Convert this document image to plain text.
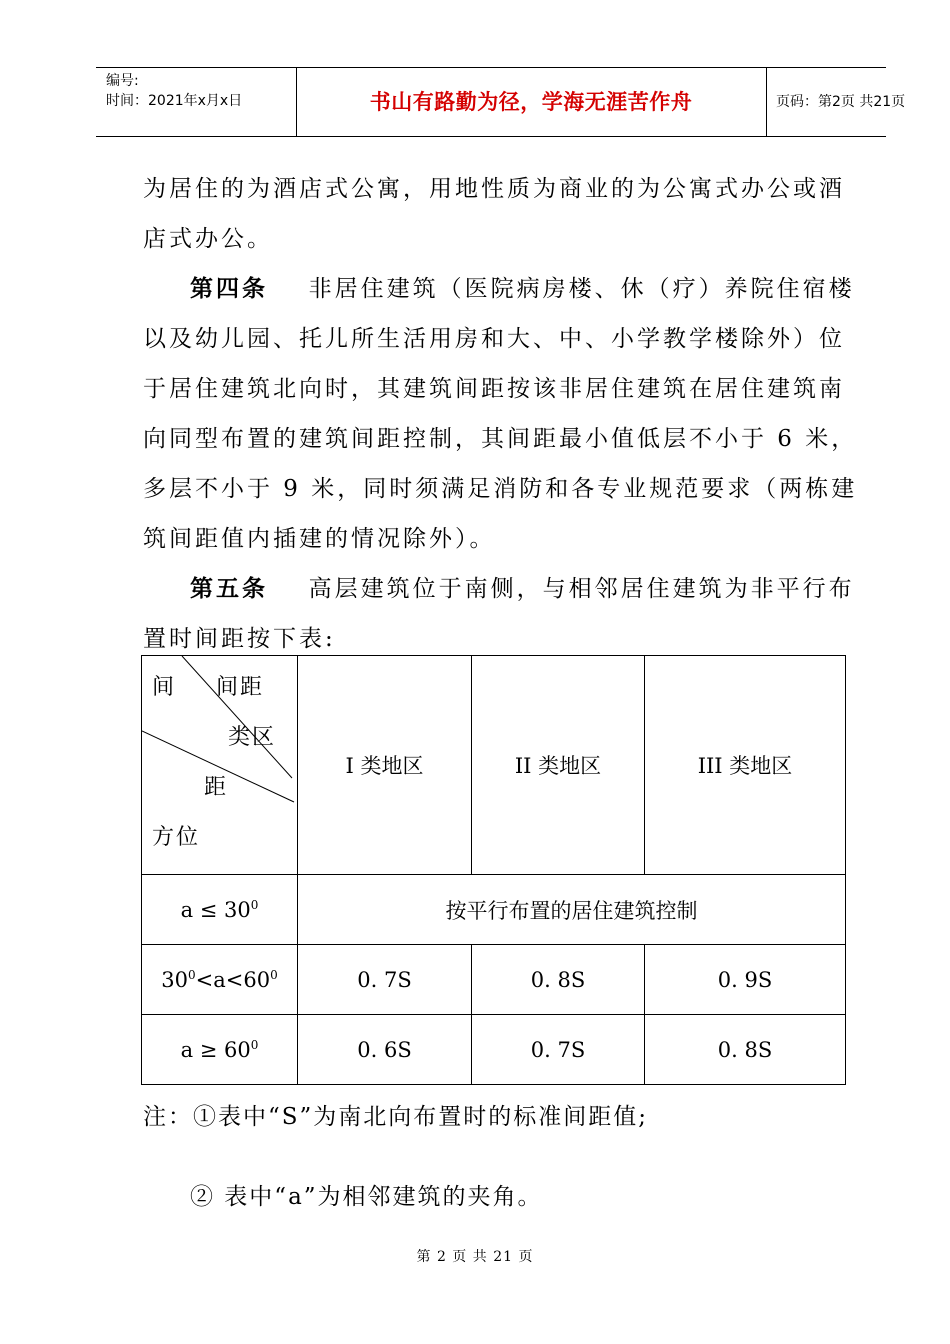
编号:
时间：2021年x月x日	书山有路勤为径，学海无涯苦作舟	页码：第2页 共21页
为居住的为酒店式公寓，用地性质为商业的为公寓式办公或酒
店式办公。
第四条 非居住建筑（医院病房楼、休（疗）养院住宿楼
以及幼儿园、托儿所生活用房和大、中、小学教学楼除外）位
于居住建筑北向时，其建筑间距按该非居住建筑在居住建筑南
向同型布置的建筑间距控制，其间距最小值低层不小于 6 米，
多层不小于 9 米，同时须满足消防和各专业规范要求（两栋建
筑间距值内插建的情况除外）。
第五条 高层建筑位于南侧，与相邻居住建筑为非平行布
置时间距按下表:
间 间距
类区
距
方位	I 类地区	II 类地区	III 类地区
$a \le 30^0$	按平行布置的居住建筑控制		
$30^0<a<60^0$	0. 7S	0. 8S	0. 9S
$a \ge 60^0$	0. 6S	0. 7S	0. 8S
注：①表中“S”为南北向布置时的标准间距值;
② 表中“a”为相邻建筑的夹角。
第 2 页 共 21 页
